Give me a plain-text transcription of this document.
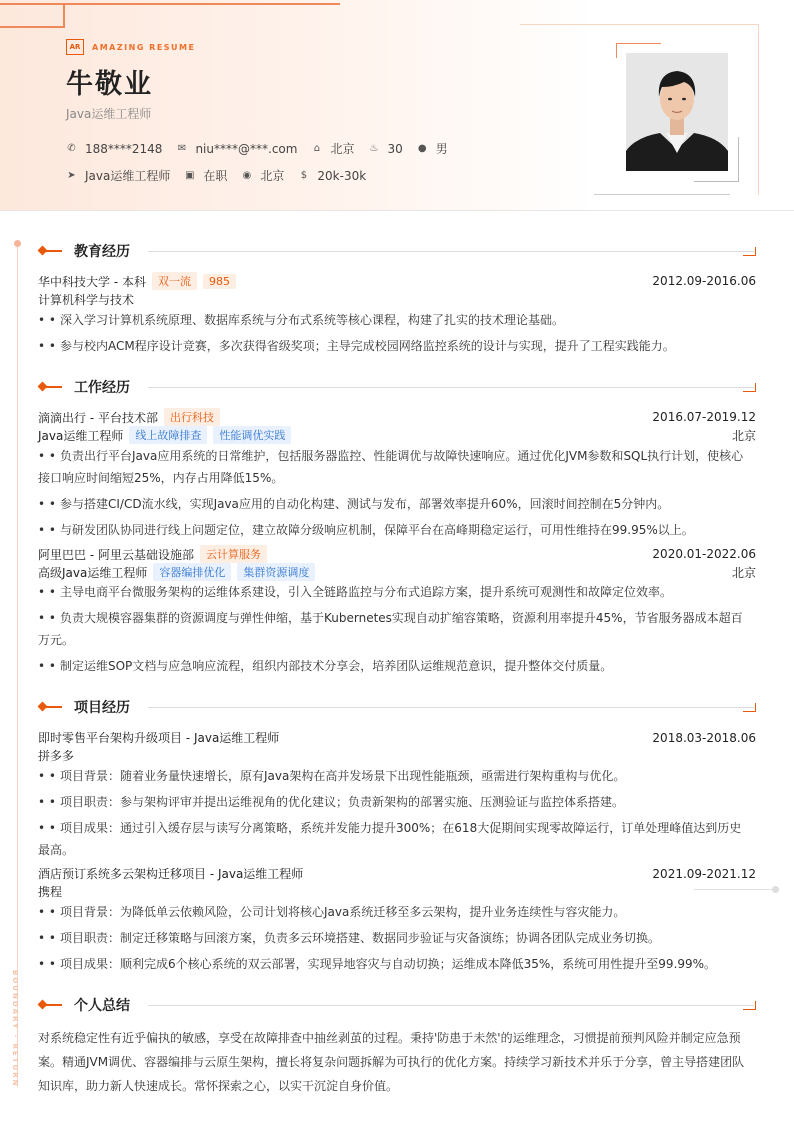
AR	AMAZING RESUME
牛敬业
Java运维工程师
✆ 188****2148 ✉ niu****@***.com ⌂ 北京 ♨ 30 ● 男
➤ Java运维工程师 ▣ 在职 ◉ 北京 $ 20k-30k
BOUNDARY · RETURN
教育经历
华中科技大学 - 本科	双一流	985	2012.09-2016.06
计算机科学与技术
• • 深入学习计算机系统原理、数据库系统与分布式系统等核心课程，构建了扎实的技术理论基础。
• • 参与校内ACM程序设计竞赛，多次获得省级奖项；主导完成校园网络监控系统的设计与实现，提升了工程实践能力。
工作经历
滴滴出行 - 平台技术部	出行科技	2016.07-2019.12
Java运维工程师	线上故障排查	性能调优实践	北京
• • 负责出行平台Java应用系统的日常维护，包括服务器监控、性能调优与故障快速响应。通过优化JVM参数和SQL执行计划，使核心接口响应时间缩短25%，内存占用降低15%。
• • 参与搭建CI/CD流水线，实现Java应用的自动化构建、测试与发布，部署效率提升60%，回滚时间控制在5分钟内。
• • 与研发团队协同进行线上问题定位，建立故障分级响应机制，保障平台在高峰期稳定运行，可用性维持在99.95%以上。
阿里巴巴 - 阿里云基础设施部	云计算服务	2020.01-2022.06
高级Java运维工程师	容器编排优化	集群资源调度	北京
• • 主导电商平台微服务架构的运维体系建设，引入全链路监控与分布式追踪方案，提升系统可观测性和故障定位效率。
• • 负责大规模容器集群的资源调度与弹性伸缩，基于Kubernetes实现自动扩缩容策略，资源利用率提升45%，节省服务器成本超百万元。
• • 制定运维SOP文档与应急响应流程，组织内部技术分享会，培养团队运维规范意识，提升整体交付质量。
项目经历
即时零售平台架构升级项目 - Java运维工程师	2018.03-2018.06
拼多多
• • 项目背景：随着业务量快速增长，原有Java架构在高并发场景下出现性能瓶颈，亟需进行架构重构与优化。
• • 项目职责：参与架构评审并提出运维视角的优化建议；负责新架构的部署实施、压测验证与监控体系搭建。
• • 项目成果：通过引入缓存层与读写分离策略，系统并发能力提升300%；在618大促期间实现零故障运行，订单处理峰值达到历史最高。
酒店预订系统多云架构迁移项目 - Java运维工程师	2021.09-2021.12
携程
• • 项目背景：为降低单云依赖风险，公司计划将核心Java系统迁移至多云架构，提升业务连续性与容灾能力。
• • 项目职责：制定迁移策略与回滚方案，负责多云环境搭建、数据同步验证与灾备演练；协调各团队完成业务切换。
• • 项目成果：顺利完成6个核心系统的双云部署，实现异地容灾与自动切换；运维成本降低35%，系统可用性提升至99.99%。
个人总结
对系统稳定性有近乎偏执的敏感，享受在故障排查中抽丝剥茧的过程。秉持'防患于未然'的运维理念，习惯提前预判风险并制定应急预案。精通JVM调优、容器编排与云原生架构，擅长将复杂问题拆解为可执行的优化方案。持续学习新技术并乐于分享，曾主导搭建团队知识库，助力新人快速成长。常怀探索之心，以实干沉淀自身价值。
